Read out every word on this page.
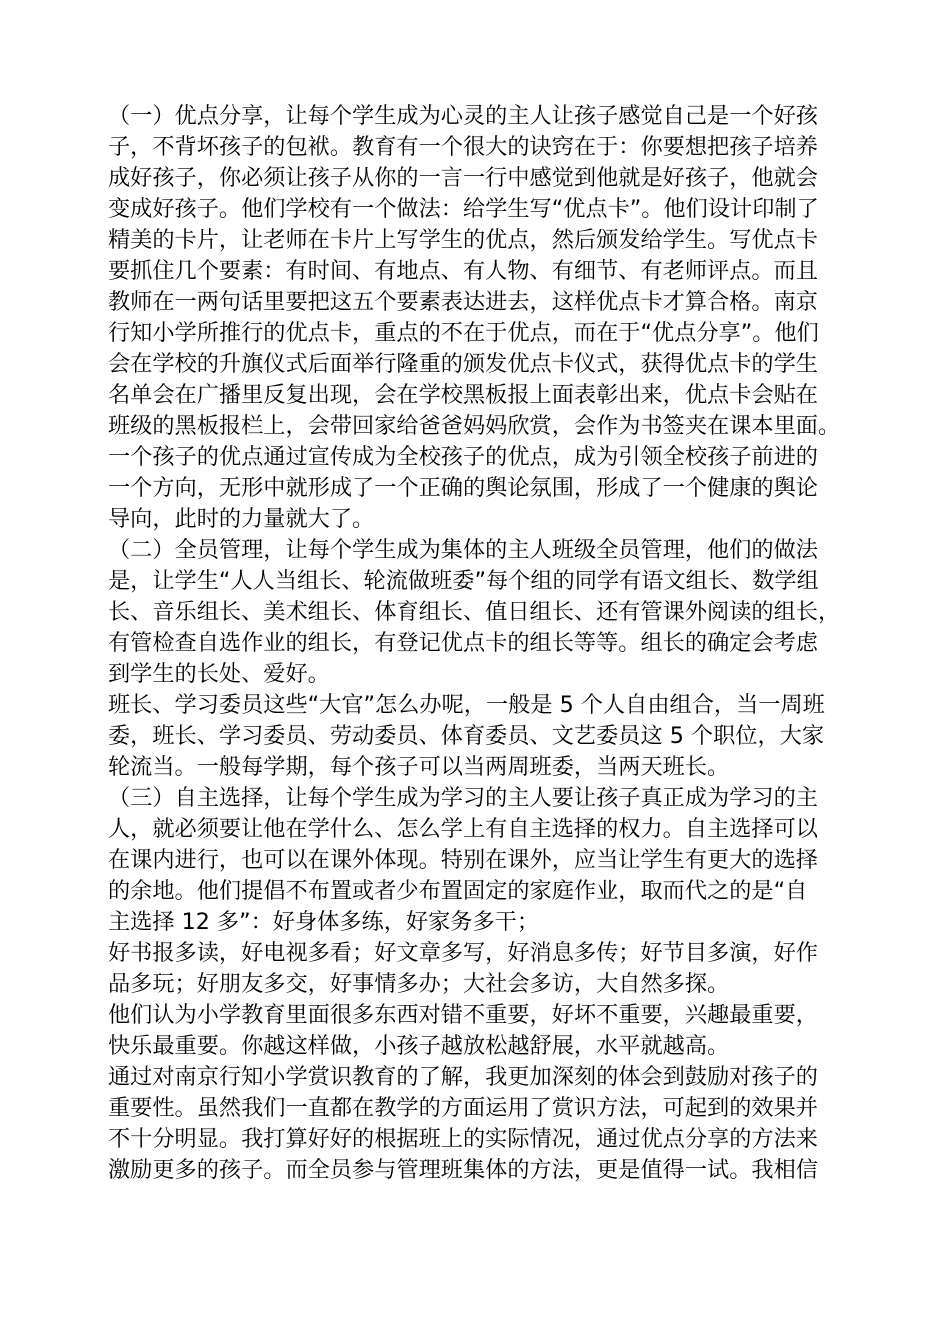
（一）优点分享，让每个学生成为心灵的主人让孩子感觉自己是一个好孩
子，不背坏孩子的包袱。教育有一个很大的诀窍在于：你要想把孩子培养
成好孩子，你必须让孩子从你的一言一行中感觉到他就是好孩子，他就会
变成好孩子。他们学校有一个做法：给学生写“优点卡”。他们设计印制了
精美的卡片，让老师在卡片上写学生的优点，然后颁发给学生。写优点卡
要抓住几个要素：有时间、有地点、有人物、有细节、有老师评点。而且
教师在一两句话里要把这五个要素表达进去，这样优点卡才算合格。南京
行知小学所推行的优点卡，重点的不在于优点，而在于“优点分享”。他们
会在学校的升旗仪式后面举行隆重的颁发优点卡仪式，获得优点卡的学生
名单会在广播里反复出现，会在学校黑板报上面表彰出来，优点卡会贴在
班级的黑板报栏上，会带回家给爸爸妈妈欣赏，会作为书签夹在课本里面。
一个孩子的优点通过宣传成为全校孩子的优点，成为引领全校孩子前进的
一个方向，无形中就形成了一个正确的舆论氛围，形成了一个健康的舆论
导向，此时的力量就大了。
（二）全员管理，让每个学生成为集体的主人班级全员管理，他们的做法
是，让学生“人人当组长、轮流做班委”每个组的同学有语文组长、数学组
长、音乐组长、美术组长、体育组长、值日组长、还有管课外阅读的组长，
有管检查自选作业的组长，有登记优点卡的组长等等。组长的确定会考虑
到学生的长处、爱好。
班长、学习委员这些“大官”怎么办呢，一般是 5 个人自由组合，当一周班
委，班长、学习委员、劳动委员、体育委员、文艺委员这 5 个职位，大家
轮流当。一般每学期，每个孩子可以当两周班委，当两天班长。
（三）自主选择，让每个学生成为学习的主人要让孩子真正成为学习的主
人，就必须要让他在学什么、怎么学上有自主选择的权力。自主选择可以
在课内进行，也可以在课外体现。特别在课外，应当让学生有更大的选择
的余地。他们提倡不布置或者少布置固定的家庭作业，取而代之的是“自
主选择 12 多”：好身体多练，好家务多干；
好书报多读，好电视多看；好文章多写，好消息多传；好节目多演，好作
品多玩；好朋友多交，好事情多办；大社会多访，大自然多探。
他们认为小学教育里面很多东西对错不重要，好坏不重要，兴趣最重要，
快乐最重要。你越这样做，小孩子越放松越舒展，水平就越高。
通过对南京行知小学赏识教育的了解，我更加深刻的体会到鼓励对孩子的
重要性。虽然我们一直都在教学的方面运用了赏识方法，可起到的效果并
不十分明显。我打算好好的根据班上的实际情况，通过优点分享的方法来
激励更多的孩子。而全员参与管理班集体的方法，更是值得一试。我相信
